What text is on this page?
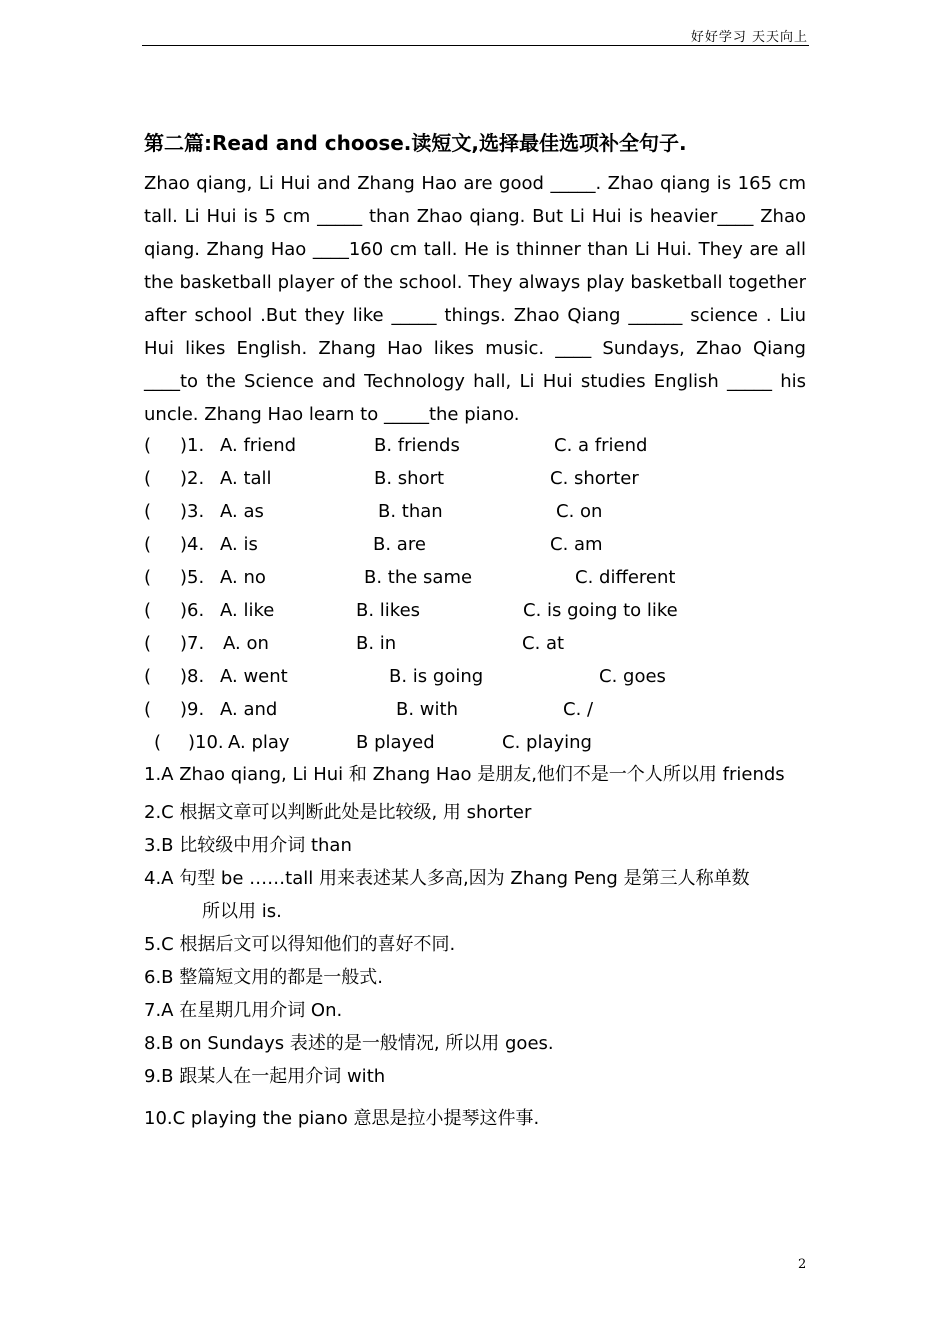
好好学习 天天向上
第二篇:Read and choose.读短文,选择最佳选项补全句子.

Zhao qiang, Li Hui and Zhang Hao are good _____. Zhao qiang is 165 cm tall. Li Hui is 5 cm _____ than Zhao qiang. But Li Hui is heavier____ Zhao qiang. Zhang Hao ____160 cm tall. He is thinner than Li Hui. They are all the basketball player of the school. They always play basketball together after school .But they like _____ things. Zhao Qiang ______ science . Liu Hui likes English. Zhang Hao likes music. ____ Sundays, Zhao Qiang ____to the Science and Technology hall, Li Hui studies English _____ his uncle. Zhang Hao learn to _____the piano.

( )1. A. friend	B. friends	C. a friend
( )2. A. tall	B. short	C. shorter
( )3. A. as	B. than	C. on
( )4. A. is	B. are	C. am
( )5. A. no	B. the same	C. different
( )6. A. like	B. likes	C. is going to like
( )7. A. on	B. in	C. at
( )8. A. went	B. is going	C. goes
( )9. A. and	B. with	C. /
( )10. A. play	B played	C. playing

1.A Zhao qiang, Li Hui 和 Zhang Hao 是朋友,他们不是一个人所以用 friends

2.C 根据文章可以判断此处是比较级, 用 shorter

3.B 比较级中用介词 than

4.A 句型 be ……tall 用来表述某人多高,因为 Zhang Peng 是第三人称单数

所以用 is.

5.C 根据后文可以得知他们的喜好不同.

6.B 整篇短文用的都是一般式.

7.A 在星期几用介词 On.

8.B on Sundays 表述的是一般情况, 所以用 goes.

9.B 跟某人在一起用介词 with

10.C playing the piano 意思是拉小提琴这件事.

2
